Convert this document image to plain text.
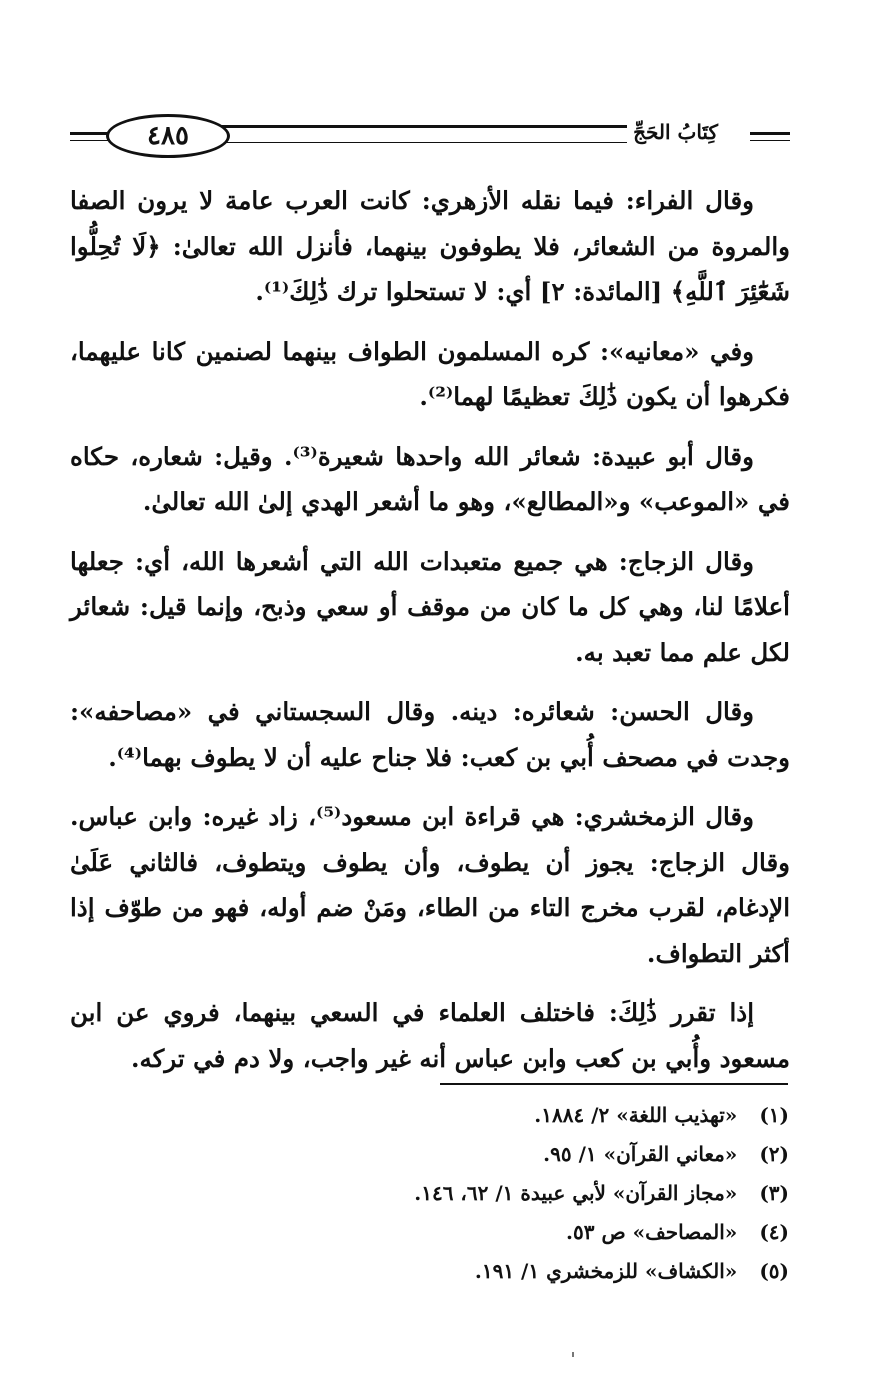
٤٨٥	كِتَابُ الحَجِّ

وقال الفراء: فيما نقله الأزهري: كانت العرب عامة لا يرون الصفا والمروة من الشعائر، فلا يطوفون بينهما، فأنزل الله تعالىٰ: ﴿لَا تُحِلُّوا شَعَٰٓئِرَ ٱللَّهِ﴾ [المائدة: ٢] أي: لا تستحلوا ترك ذَٰلِكَ⁽¹⁾.

وفي «معانيه»: كره المسلمون الطواف بينهما لصنمين كانا عليهما، فكرهوا أن يكون ذَٰلِكَ تعظيمًا لهما⁽²⁾.

وقال أبو عبيدة: شعائر الله واحدها شعيرة⁽³⁾. وقيل: شعاره، حكاه في «الموعب» و«المطالع»، وهو ما أشعر الهدي إلىٰ الله تعالىٰ.

وقال الزجاج: هي جميع متعبدات الله التي أشعرها الله، أي: جعلها أعلامًا لنا، وهي كل ما كان من موقف أو سعي وذبح، وإنما قيل: شعائر لكل علم مما تعبد به.

وقال الحسن: شعائره: دينه. وقال السجستاني في «مصاحفه»: وجدت في مصحف أُبي بن كعب: فلا جناح عليه أن لا يطوف بهما⁽⁴⁾.

وقال الزمخشري: هي قراءة ابن مسعود⁽⁵⁾، زاد غيره: وابن عباس. وقال الزجاج: يجوز أن يطوف، وأن يطوف ويتطوف، فالثاني عَلَىٰ الإدغام، لقرب مخرج التاء من الطاء، ومَنْ ضم أوله، فهو من طوّف إذا أكثر التطواف.

إذا تقرر ذَٰلِكَ: فاختلف العلماء في السعي بينهما، فروي عن ابن مسعود وأُبي بن كعب وابن عباس أنه غير واجب، ولا دم في تركه.

(١)
«تهذيب اللغة» ٢/ ١٨٨٤.
(٢)
«معاني القرآن» ١/ ٩٥.
(٣)
«مجاز القرآن» لأبي عبيدة ١/ ٦٢، ١٤٦.
(٤)
«المصاحف» ص ٥٣.
(٥)
«الكشاف» للزمخشري ١/ ١٩١.
